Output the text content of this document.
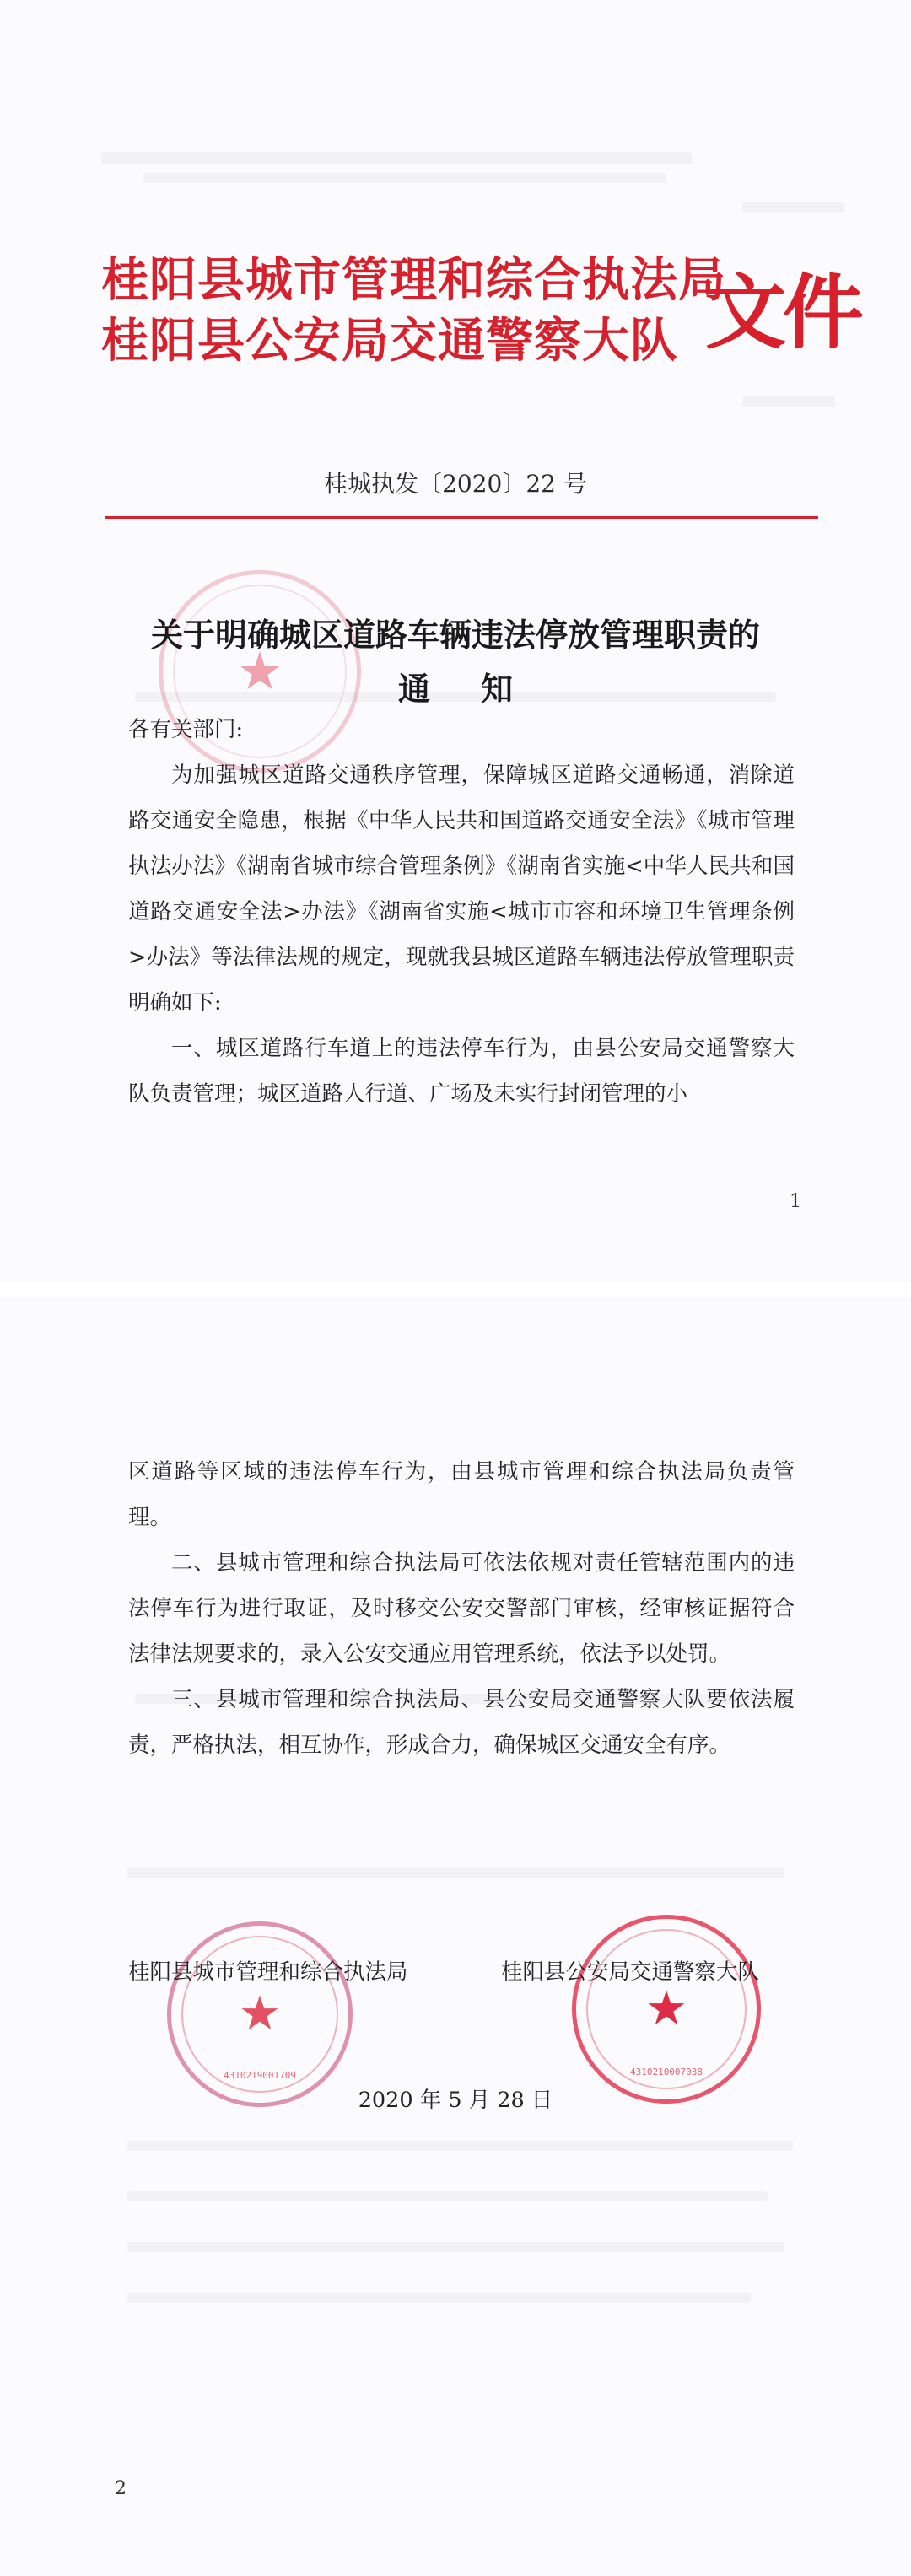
桂阳县城市管理和综合执法局
桂阳县公安局交通警察大队 文件
桂城执发〔2020〕22 号
★
关于明确城区道路车辆违法停放管理职责的
通知

各有关部门:

为加强城区道路交通秩序管理，保障城区道路交通畅通，消除道路交通安全隐患，根据《中华人民共和国道路交通安全法》《城市管理执法办法》《湖南省城市综合管理条例》《湖南省实施<中华人民共和国道路交通安全法>办法》《湖南省实施<城市市容和环境卫生管理条例>办法》等法律法规的规定，现就我县城区道路车辆违法停放管理职责明确如下:

一、城区道路行车道上的违法停车行为，由县公安局交通警察大队负责管理；城区道路人行道、广场及未实行封闭管理的小

1

区道路等区域的违法停车行为，由县城市管理和综合执法局负责管理。

二、县城市管理和综合执法局可依法依规对责任管辖范围内的违法停车行为进行取证，及时移交公安交警部门审核，经审核证据符合法律法规要求的，录入公安交通应用管理系统，依法予以处罚。

三、县城市管理和综合执法局、县公安局交通警察大队要依法履责，严格执法，相互协作，形成合力，确保城区交通安全有序。

★
4310219001709
★
4310210007038
桂阳县城市管理和综合执法局	桂阳县公安局交通警察大队
2020 年 5 月 28 日
2
